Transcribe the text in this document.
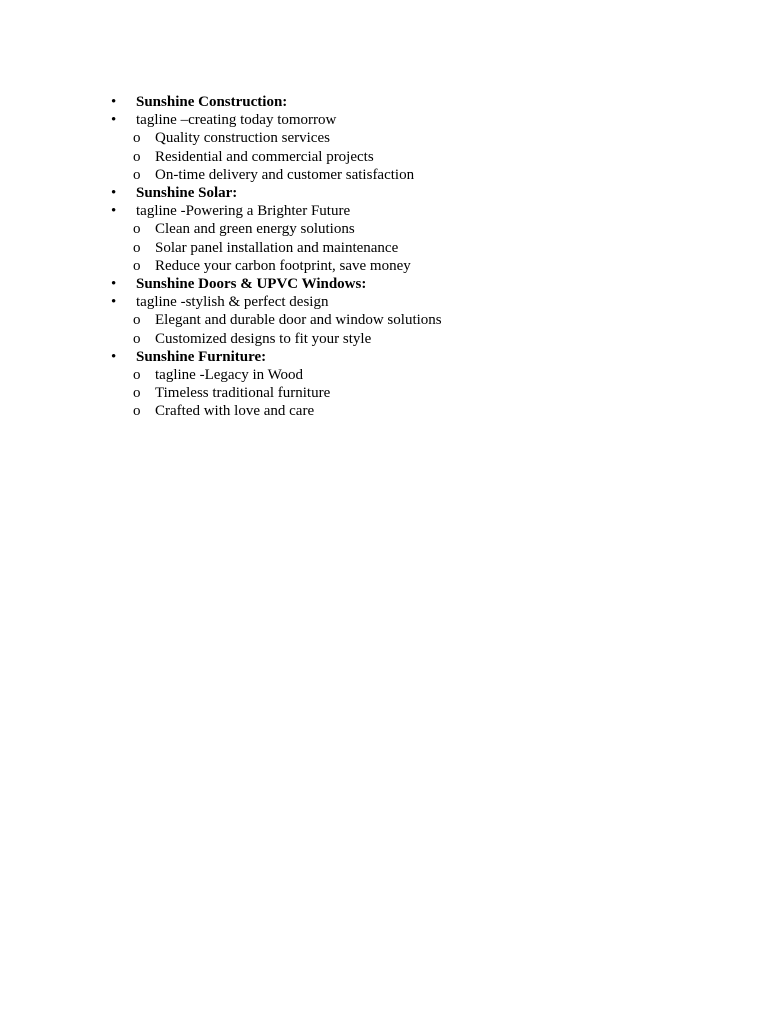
• Sunshine Construction:
• tagline –creating today tomorrow
o Quality construction services
o Residential and commercial projects
o On-time delivery and customer satisfaction
• Sunshine Solar:
• tagline -Powering a Brighter Future
o Clean and green energy solutions
o Solar panel installation and maintenance
o Reduce your carbon footprint, save money
• Sunshine Doors & UPVC Windows:
• tagline -stylish & perfect design
o Elegant and durable door and window solutions
o Customized designs to fit your style
• Sunshine Furniture:
o tagline -Legacy in Wood
o Timeless traditional furniture
o Crafted with love and care
